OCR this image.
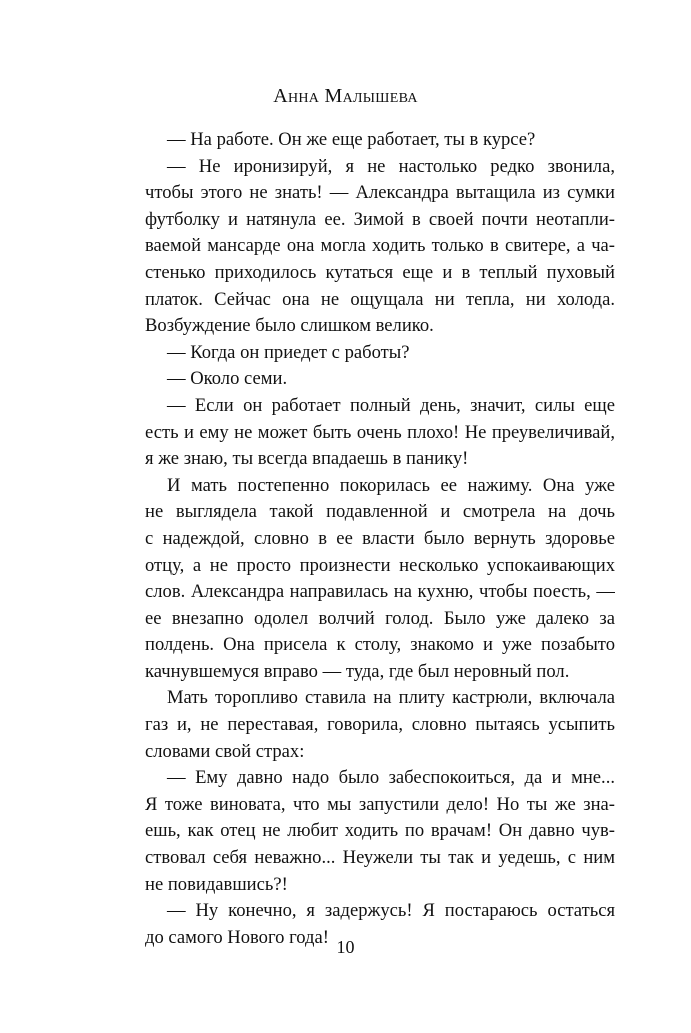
Анна Малышева
— На работе. Он же еще работает, ты в курсе?
— Не иронизируй, я не настолько редко звонила,
чтобы этого не знать! — Александра вытащила из сумки
футболку и натянула ее. Зимой в своей почти неотапли-
ваемой мансарде она могла ходить только в свитере, а ча-
стенько приходилось кутаться еще и в теплый пуховый
платок. Сейчас она не ощущала ни тепла, ни холода.
Возбуждение было слишком велико.
— Когда он приедет с работы?
— Около семи.
— Если он работает полный день, значит, силы еще
есть и ему не может быть очень плохо! Не преувеличивай,
я же знаю, ты всегда впадаешь в панику!
И мать постепенно покорилась ее нажиму. Она уже
не выглядела такой подавленной и смотрела на дочь
с надеждой, словно в ее власти было вернуть здоровье
отцу, а не просто произнести несколько успокаивающих
слов. Александра направилась на кухню, чтобы поесть, —
ее внезапно одолел волчий голод. Было уже далеко за
полдень. Она присела к столу, знакомо и уже позабыто
качнувшемуся вправо — туда, где был неровный пол.
Мать торопливо ставила на плиту кастрюли, включала
газ и, не переставая, говорила, словно пытаясь усыпить
словами свой страх:
— Ему давно надо было забеспокоиться, да и мне...
Я тоже виновата, что мы запустили дело! Но ты же зна-
ешь, как отец не любит ходить по врачам! Он давно чув-
ствовал себя неважно... Неужели ты так и уедешь, с ним
не повидавшись?!
— Ну конечно, я задержусь! Я постараюсь остаться
до самого Нового года! 10
